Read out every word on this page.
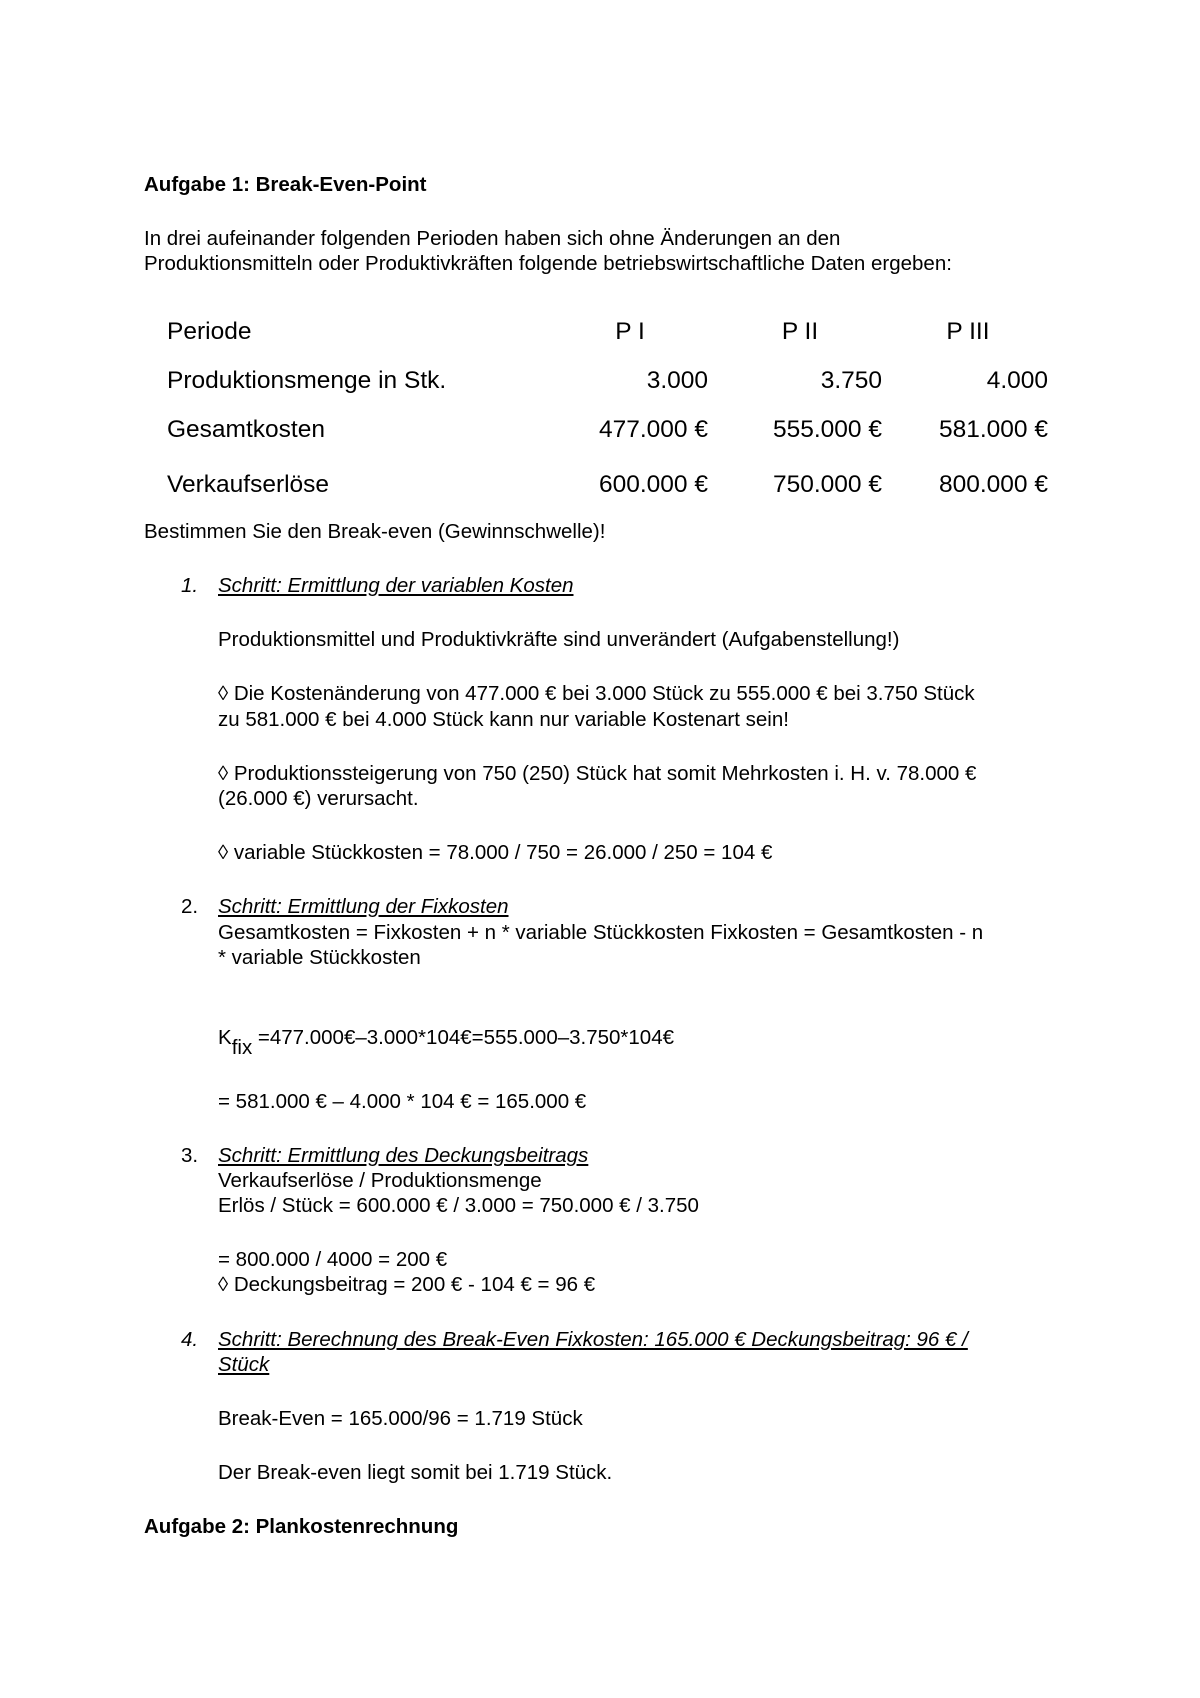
Aufgabe 1: Break-Even-Point
In drei aufeinander folgenden Perioden haben sich ohne Änderungen an den
Produktionsmitteln oder Produktivkräften folgende betriebswirtschaftliche Daten ergeben:
Periode	P I	P II	P III
Produktionsmenge in Stk.	3.000	3.750	4.000
Gesamtkosten	477.000 €	555.000 €	581.000 €
Verkaufserlöse	600.000 €	750.000 €	800.000 €
Bestimmen Sie den Break-even (Gewinnschwelle)!
1. Schritt: Ermittlung der variablen Kosten
Produktionsmittel und Produktivkräfte sind unverändert (Aufgabenstellung!)
◊ Die Kostenänderung von 477.000 € bei 3.000 Stück zu 555.000 € bei 3.750 Stück
zu 581.000 € bei 4.000 Stück kann nur variable Kostenart sein!
◊ Produktionssteigerung von 750 (250) Stück hat somit Mehrkosten i. H. v. 78.000 €
(26.000 €) verursacht.
◊ variable Stückkosten = 78.000 / 750 = 26.000 / 250 = 104 €
2. Schritt: Ermittlung der Fixkosten
Gesamtkosten = Fixkosten + n * variable Stückkosten Fixkosten = Gesamtkosten - n
* variable Stückkosten
Kfix =477.000€–3.000*104€=555.000–3.750*104€
= 581.000 € – 4.000 * 104 € = 165.000 €
3. Schritt: Ermittlung des Deckungsbeitrags
Verkaufserlöse / Produktionsmenge
Erlös / Stück = 600.000 € / 3.000 = 750.000 € / 3.750
= 800.000 / 4000 = 200 €
◊ Deckungsbeitrag = 200 € - 104 € = 96 €
4. Schritt: Berechnung des Break-Even Fixkosten: 165.000 € Deckungsbeitrag: 96 € /
Stück
Break-Even = 165.000/96 = 1.719 Stück
Der Break-even liegt somit bei 1.719 Stück.
Aufgabe 2: Plankostenrechnung
